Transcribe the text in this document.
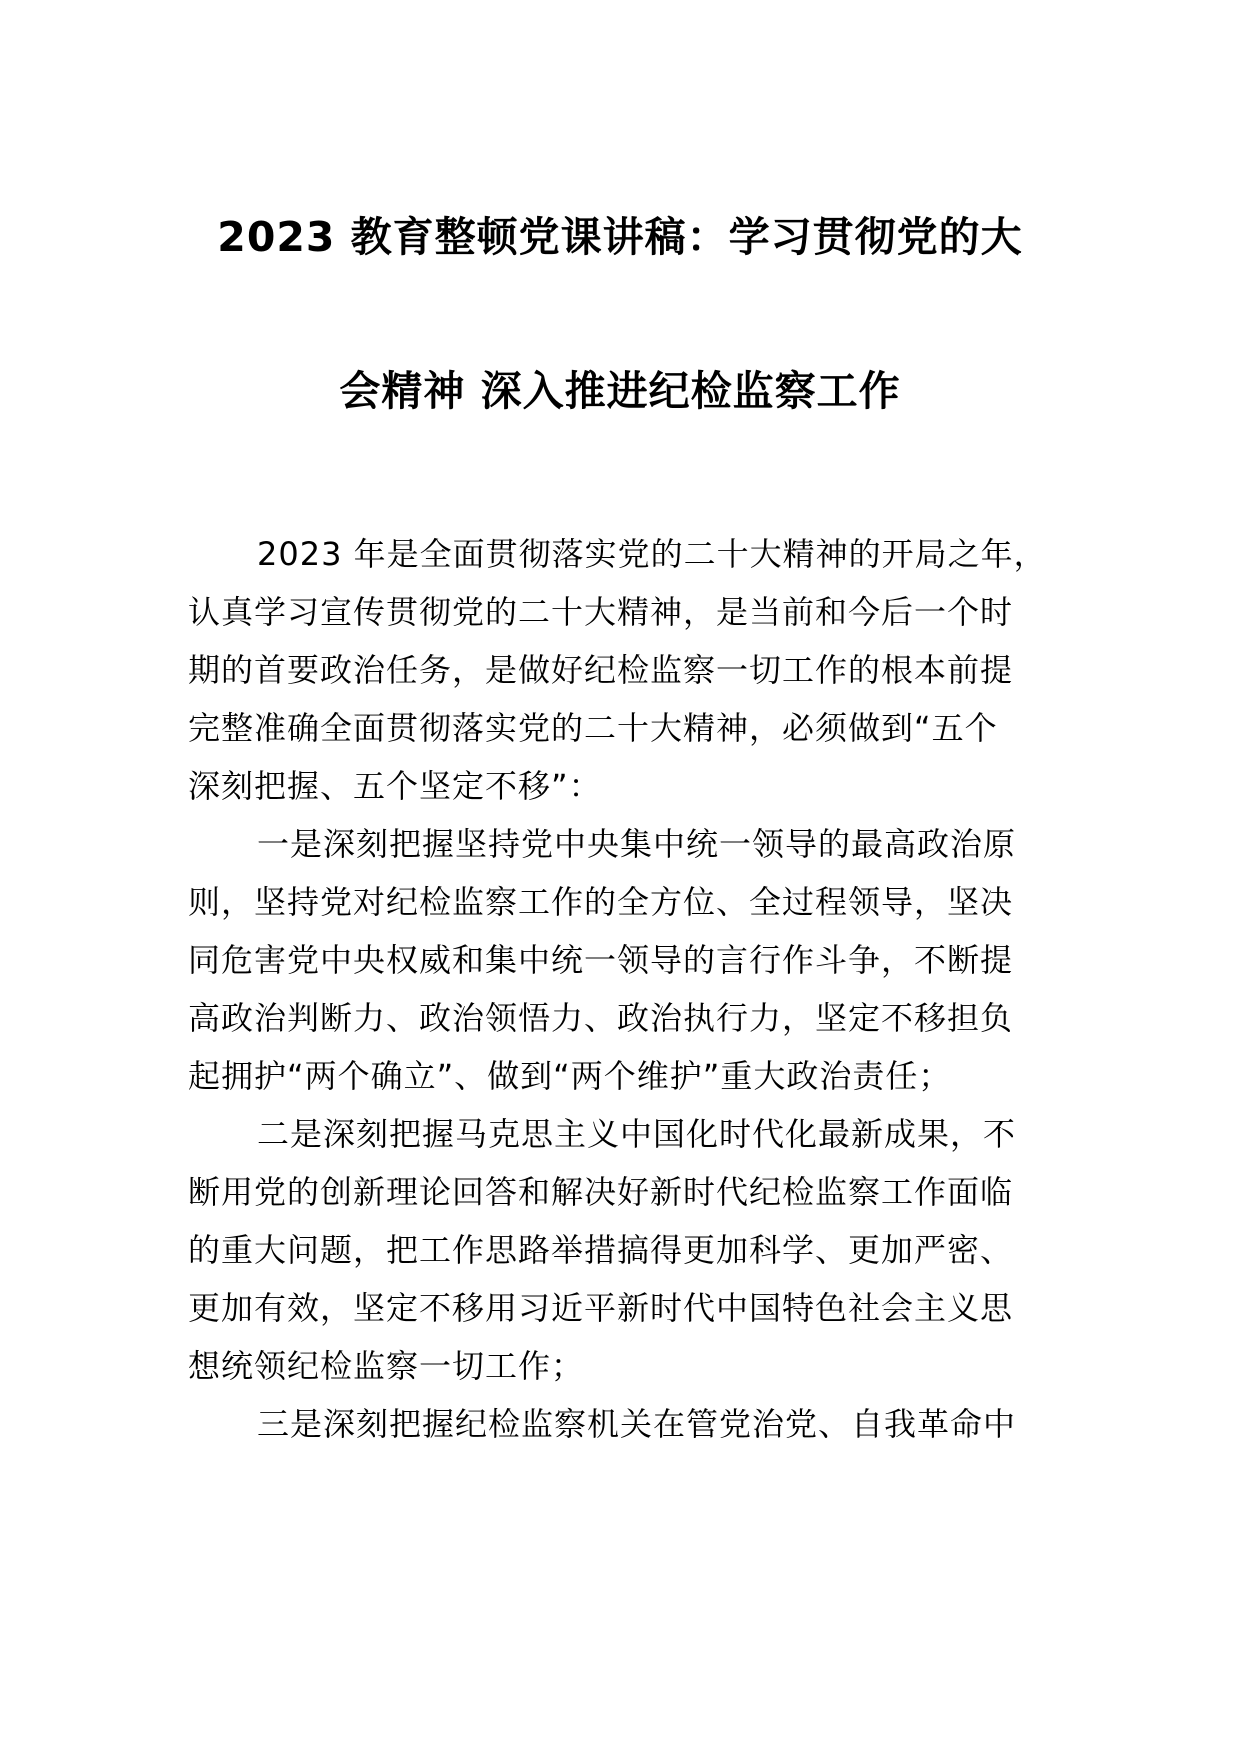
2023 教育整顿党课讲稿：学习贯彻党的大
会精神 深入推进纪检监察工作
2023 年是全面贯彻落实党的二十大精神的开局之年，
认真学习宣传贯彻党的二十大精神，是当前和今后一个时
期的首要政治任务，是做好纪检监察一切工作的根本前提
完整准确全面贯彻落实党的二十大精神，必须做到“五个
深刻把握、五个坚定不移”：
一是深刻把握坚持党中央集中统一领导的最高政治原
则，坚持党对纪检监察工作的全方位、全过程领导，坚决
同危害党中央权威和集中统一领导的言行作斗争，不断提
高政治判断力、政治领悟力、政治执行力，坚定不移担负
起拥护“两个确立”、做到“两个维护”重大政治责任；
二是深刻把握马克思主义中国化时代化最新成果，不
断用党的创新理论回答和解决好新时代纪检监察工作面临
的重大问题，把工作思路举措搞得更加科学、更加严密、
更加有效，坚定不移用习近平新时代中国特色社会主义思
想统领纪检监察一切工作；
三是深刻把握纪检监察机关在管党治党、自我革命中
